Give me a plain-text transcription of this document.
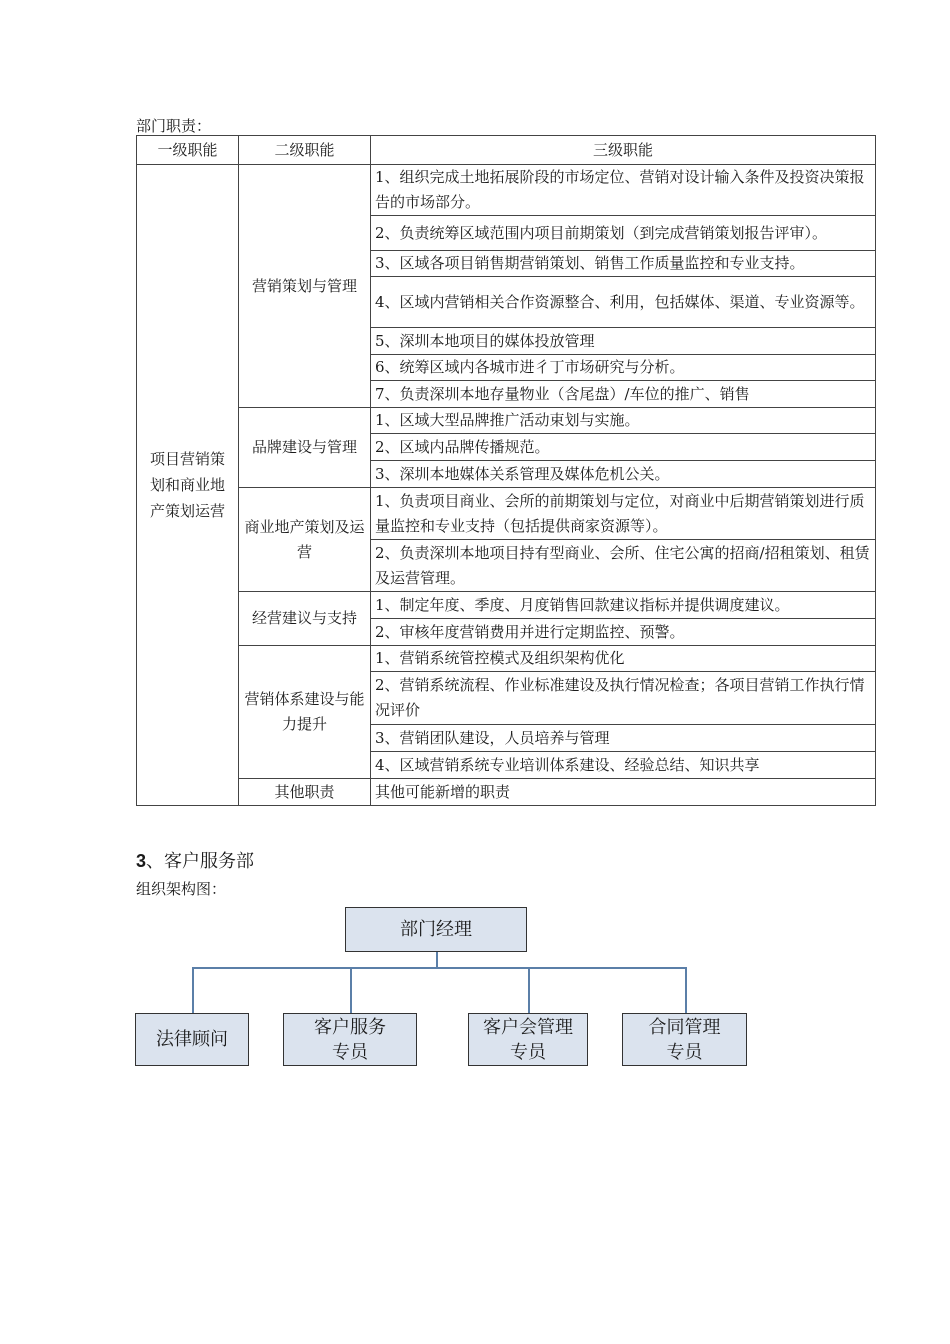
部门职责：
一级职能	二级职能	三级职能
项目营销策划和商业地产策划运营	营销策划与管理	1、组织完成土地拓展阶段的市场定位、营销对设计输入条件及投资决策报告的市场部分。
		2、负责统筹区域范围内项目前期策划（到完成营销策划报告评审）。
		3、区域各项目销售期营销策划、销售工作质量监控和专业支持。
		4、区域内营销相关合作资源整合、利用，包括媒体、渠道、专业资源等。
		5、深圳本地项目的媒体投放管理
		6、统筹区域内各城市进彳丁市场研究与分析。
		7、负责深圳本地存量物业（含尾盘）/车位的推广、销售
	品牌建设与管理	1、区域大型品牌推广活动束划与实施。
		2、区域内品牌传播规范。
		3、深圳本地媒体关系管理及媒体危机公关。
	商业地产策划及运营	1、负责项目商业、会所的前期策划与定位，对商业中后期营销策划进行质量监控和专业支持（包括提供商家资源等）。
		2、负责深圳本地项目持有型商业、会所、住宅公寓的招商/招租策划、租赁及运营管理。
	经营建议与支持	1、制定年度、季度、月度销售回款建议指标并提供调度建议。
		2、审核年度营销费用并进行定期监控、预警。
	营销体系建设与能力提升	1、营销系统管控模式及组织架构优化
		2、营销系统流程、作业标准建设及执行情况检查；各项目营销工作执行情况评价
		3、营销团队建设，人员培养与管理
		4、区域营销系统专业培训体系建设、经验总结、知识共享
	其他职责	其他可能新增的职责
3、客户服务部
组织架构图：
部门经理
法律顾问
客户服务
专员
客户会管理
专员
合同管理
专员
